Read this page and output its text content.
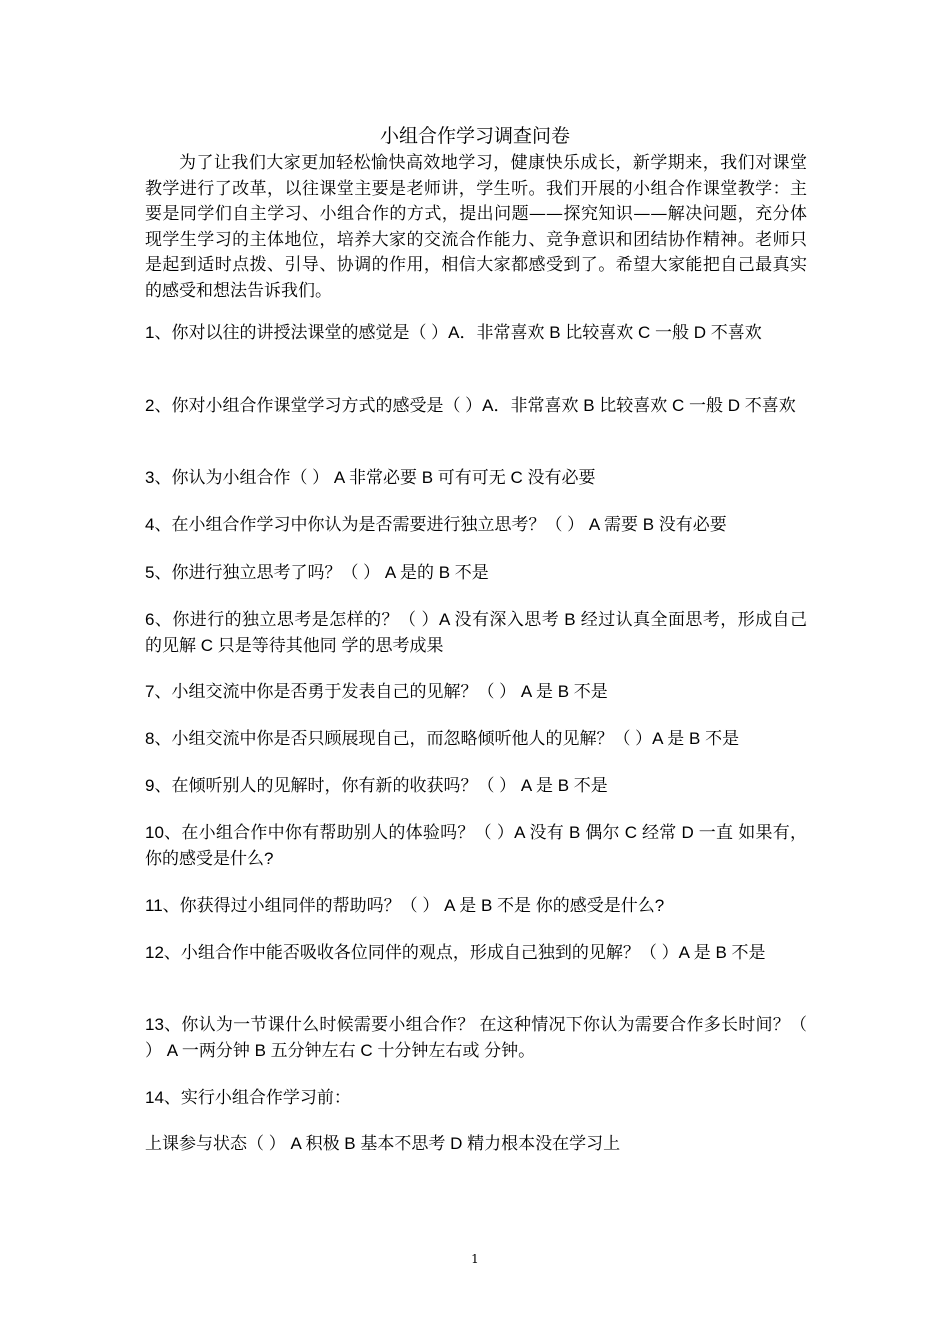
小组合作学习调查问卷

为了让我们大家更加轻松愉快高效地学习，健康快乐成长，新学期来，我们对课堂教学进行了改革，以往课堂主要是老师讲，学生听。我们开展的小组合作课堂教学：主要是同学们自主学习、小组合作的方式，提出问题——探究知识——解决问题，充分体现学生学习的主体地位，培养大家的交流合作能力、竞争意识和团结协作精神。老师只是起到适时点拨、引导、协调的作用，相信大家都感受到了。希望大家能把自己最真实的感受和想法告诉我们。

1、你对以往的讲授法课堂的感觉是（ ）A．非常喜欢 B 比较喜欢 C 一般 D 不喜欢

2、你对小组合作课堂学习方式的感受是（ ）A．非常喜欢 B 比较喜欢 C 一般 D 不喜欢

3、你认为小组合作（ ） A 非常必要 B 可有可无 C 没有必要

4、在小组合作学习中你认为是否需要进行独立思考？（ ） A 需要 B 没有必要

5、你进行独立思考了吗？（ ） A 是的 B 不是

6、你进行的独立思考是怎样的？（ ）A 没有深入思考 B 经过认真全面思考，形成自己的见解 C 只是等待其他同 学的思考成果

7、小组交流中你是否勇于发表自己的见解？（ ） A 是 B 不是

8、小组交流中你是否只顾展现自己，而忽略倾听他人的见解？（ ）A 是 B 不是

9、在倾听别人的见解时，你有新的收获吗？（ ） A 是 B 不是

10、在小组合作中你有帮助别人的体验吗？（ ）A 没有 B 偶尔 C 经常 D 一直 如果有，你的感受是什么?

11、你获得过小组同伴的帮助吗？（ ） A 是 B 不是 你的感受是什么?

12、小组合作中能否吸收各位同伴的观点，形成自己独到的见解？（ ）A 是 B 不是

13、你认为一节课什么时候需要小组合作？ 在这种情况下你认为需要合作多长时间？（ ） A 一两分钟 B 五分钟左右 C 十分钟左右或 分钟。

14、实行小组合作学习前：

上课参与状态（ ） A 积极 B 基本不思考 D 精力根本没在学习上

1
